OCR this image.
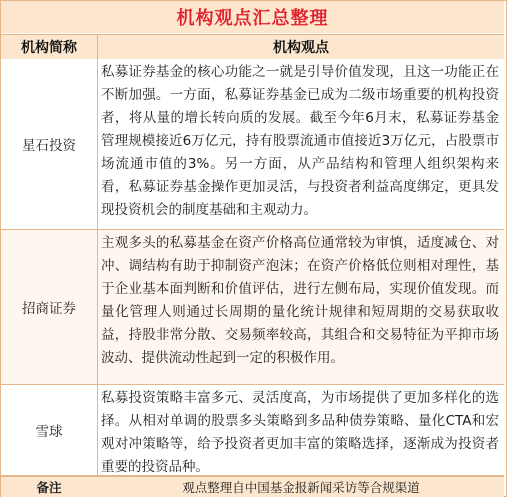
机构观点汇总整理
机构简称	机构观点
星石投资
私募证券基金的核心功能之一就是引导价值发现，且这一功能正在不断加强。一方面，私募证券基金已成为二级市场重要的机构投资者，将从量的增长转向质的发展。截至今年6月末，私募证券基金管理规模接近6万亿元，持有股票流通市值接近3万亿元，占股票市场流通市值的3%。另一方面，从产品结构和管理人组织架构来看，私募证券基金操作更加灵活，与投资者利益高度绑定，更具发现投资机会的制度基础和主观动力。
招商证券
主观多头的私募基金在资产价格高位通常较为审慎，适度减仓、对冲、调结构有助于抑制资产泡沫；在资产价格低位则相对理性，基于企业基本面判断和价值评估，进行左侧布局，实现价值发现。而量化管理人则通过长周期的量化统计规律和短周期的交易获取收益，持股非常分散、交易频率较高，其组合和交易特征为平抑市场波动、提供流动性起到一定的积极作用。
雪球
私募投资策略丰富多元、灵活度高，为市场提供了更加多样化的选择。从相对单调的股票多头策略到多品种债券策略、量化CTA和宏观对冲策略等，给予投资者更加丰富的策略选择，逐渐成为投资者重要的投资品种。
备注	观点整理自中国基金报新闻采访等合规渠道
